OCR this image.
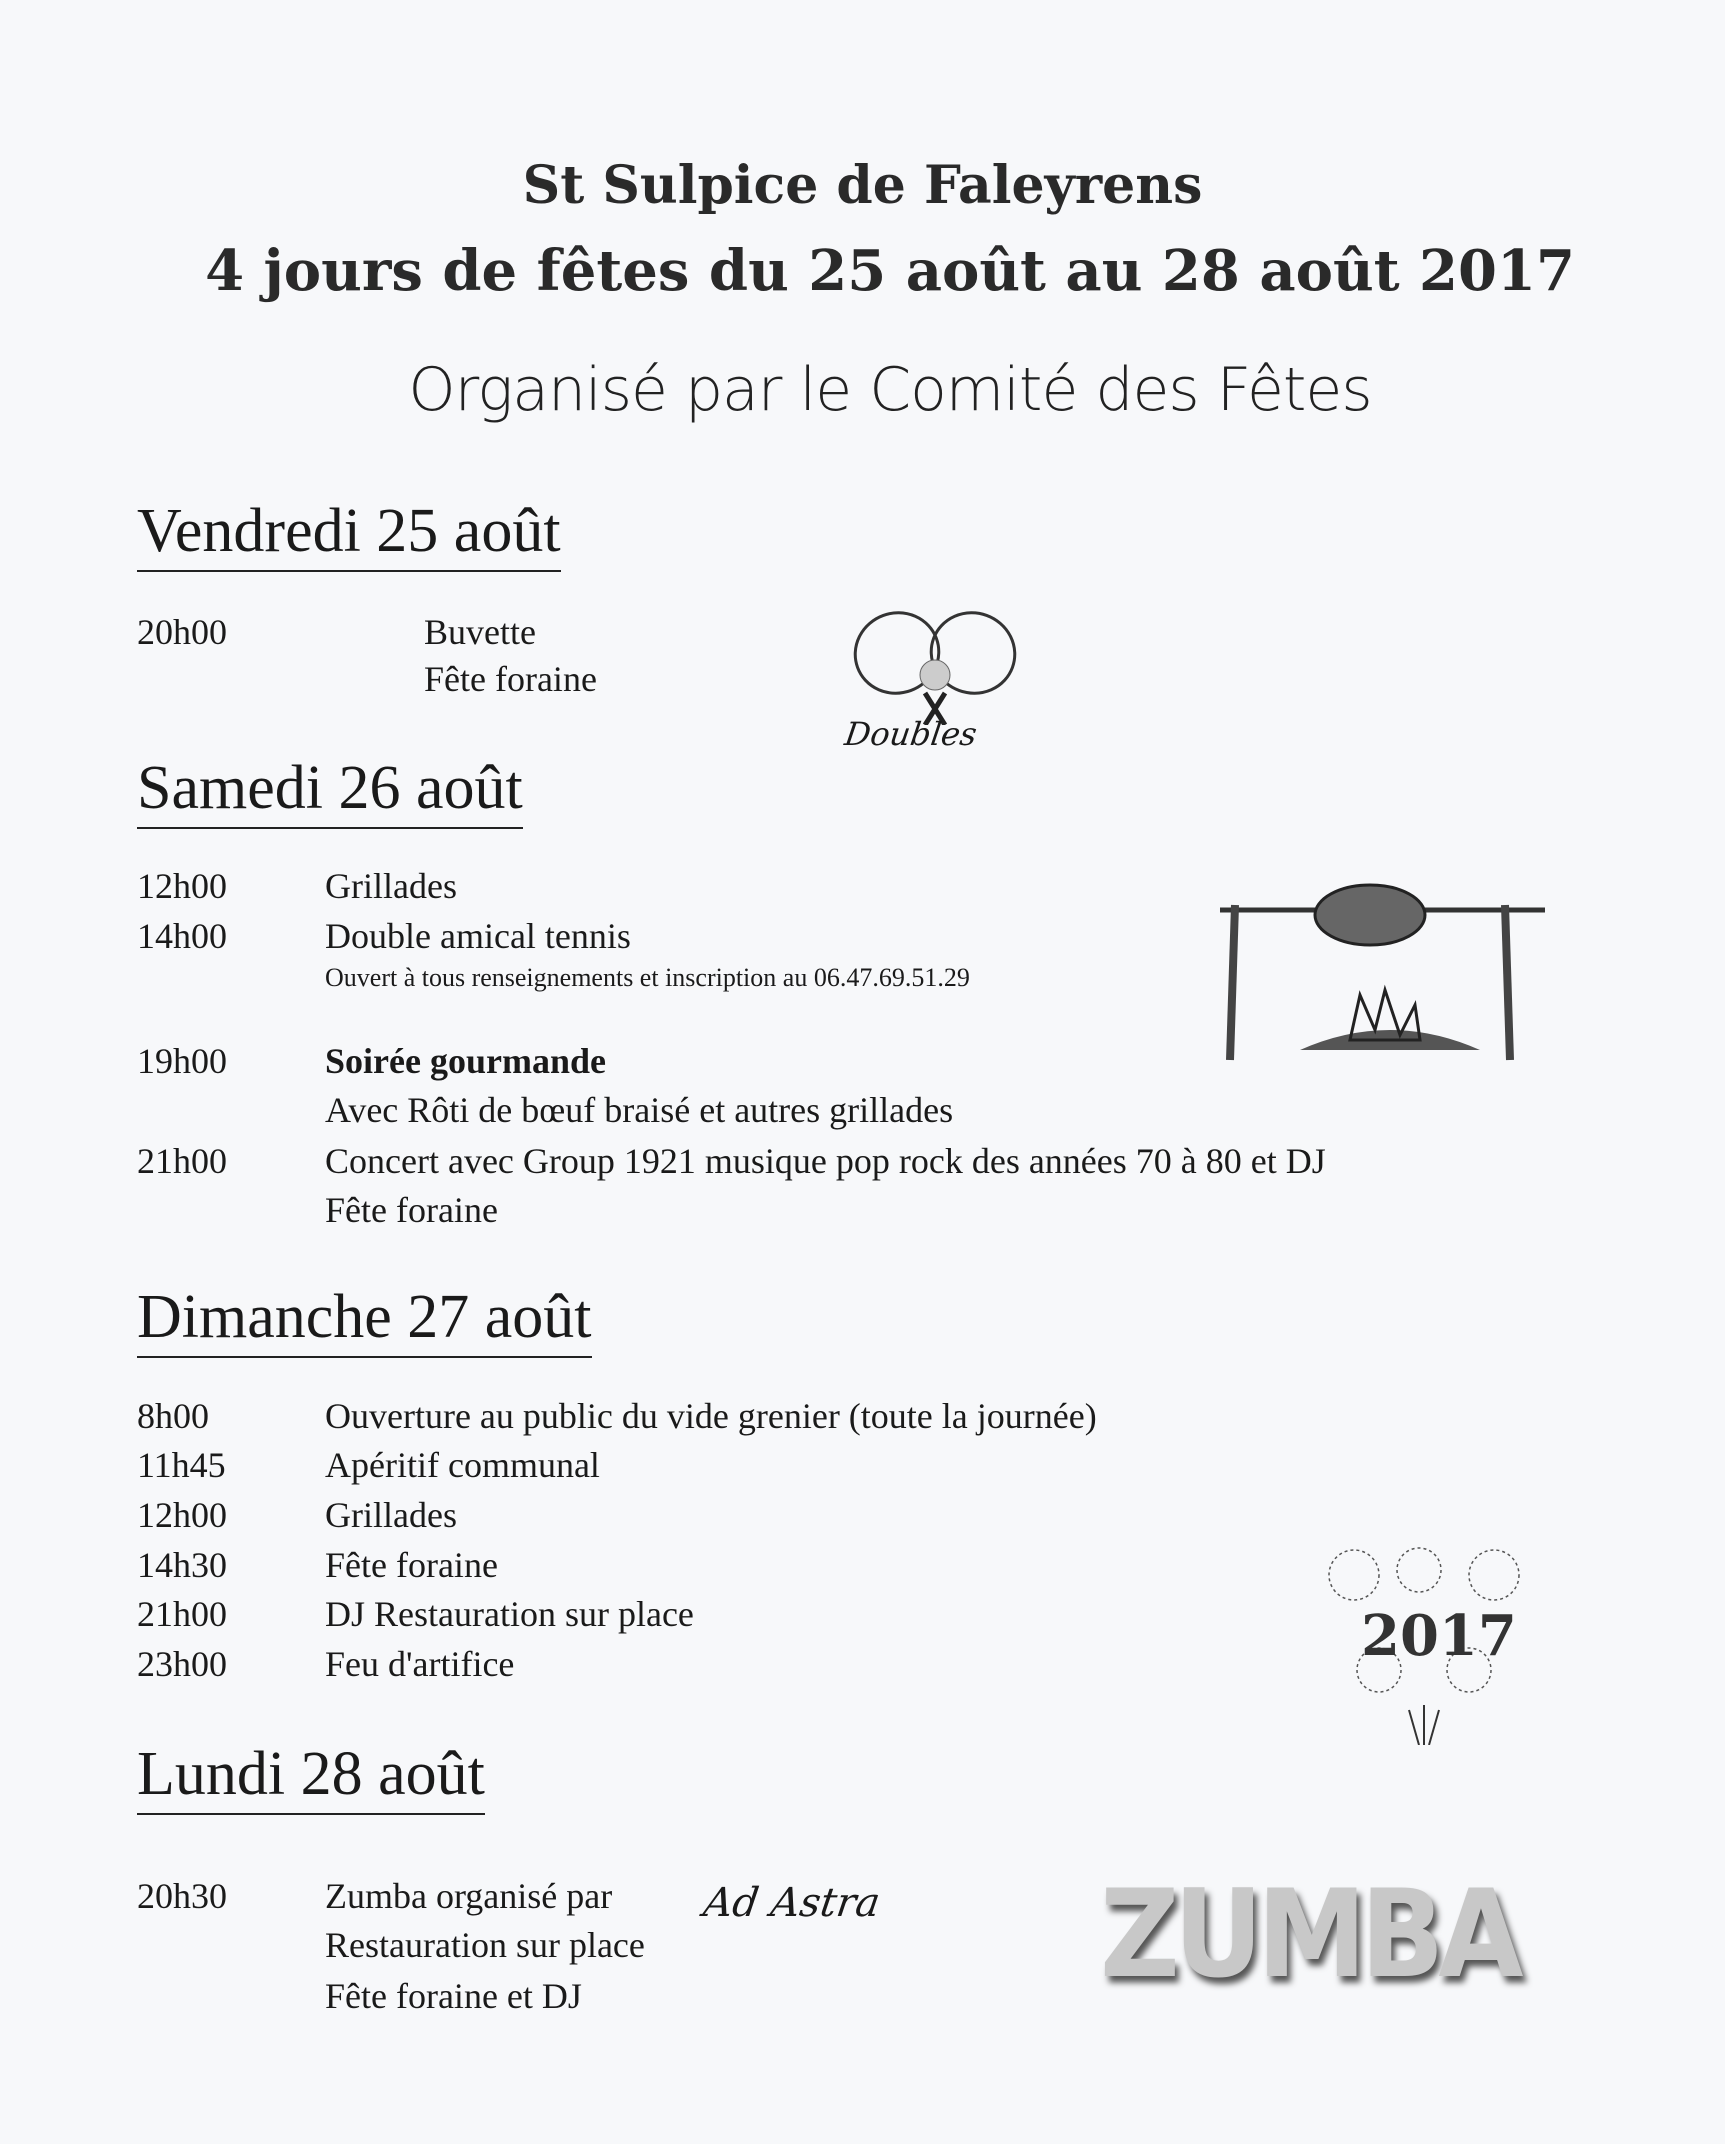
St Sulpice de Faleyrens
4 jours de fêtes du 25 août au 28 août 2017
Organisé par le Comité des Fêtes
Vendredi 25 août
20h00	Buvette
Fête foraine
Doubles
Samedi 26 août
12h00	Grillades
14h00	Double amical tennis
Ouvert à tous renseignements et inscription au 06.47.69.51.29
19h00	Soirée gourmande
Avec Rôti de bœuf braisé et autres grillades
21h00	Concert avec Group 1921 musique pop rock des années 70 à 80 et DJ
Fête foraine
Dimanche 27 août
8h00	Ouverture au public du vide grenier (toute la journée)
11h45	Apéritif communal
12h00	Grillades
14h30	Fête foraine
21h00	DJ Restauration sur place
23h00	Feu d'artifice	2017
Lundi 28 août
20h30	Zumba organisé par
Restauration sur place
Fête foraine et DJ
Ad Astra ZUMBA
